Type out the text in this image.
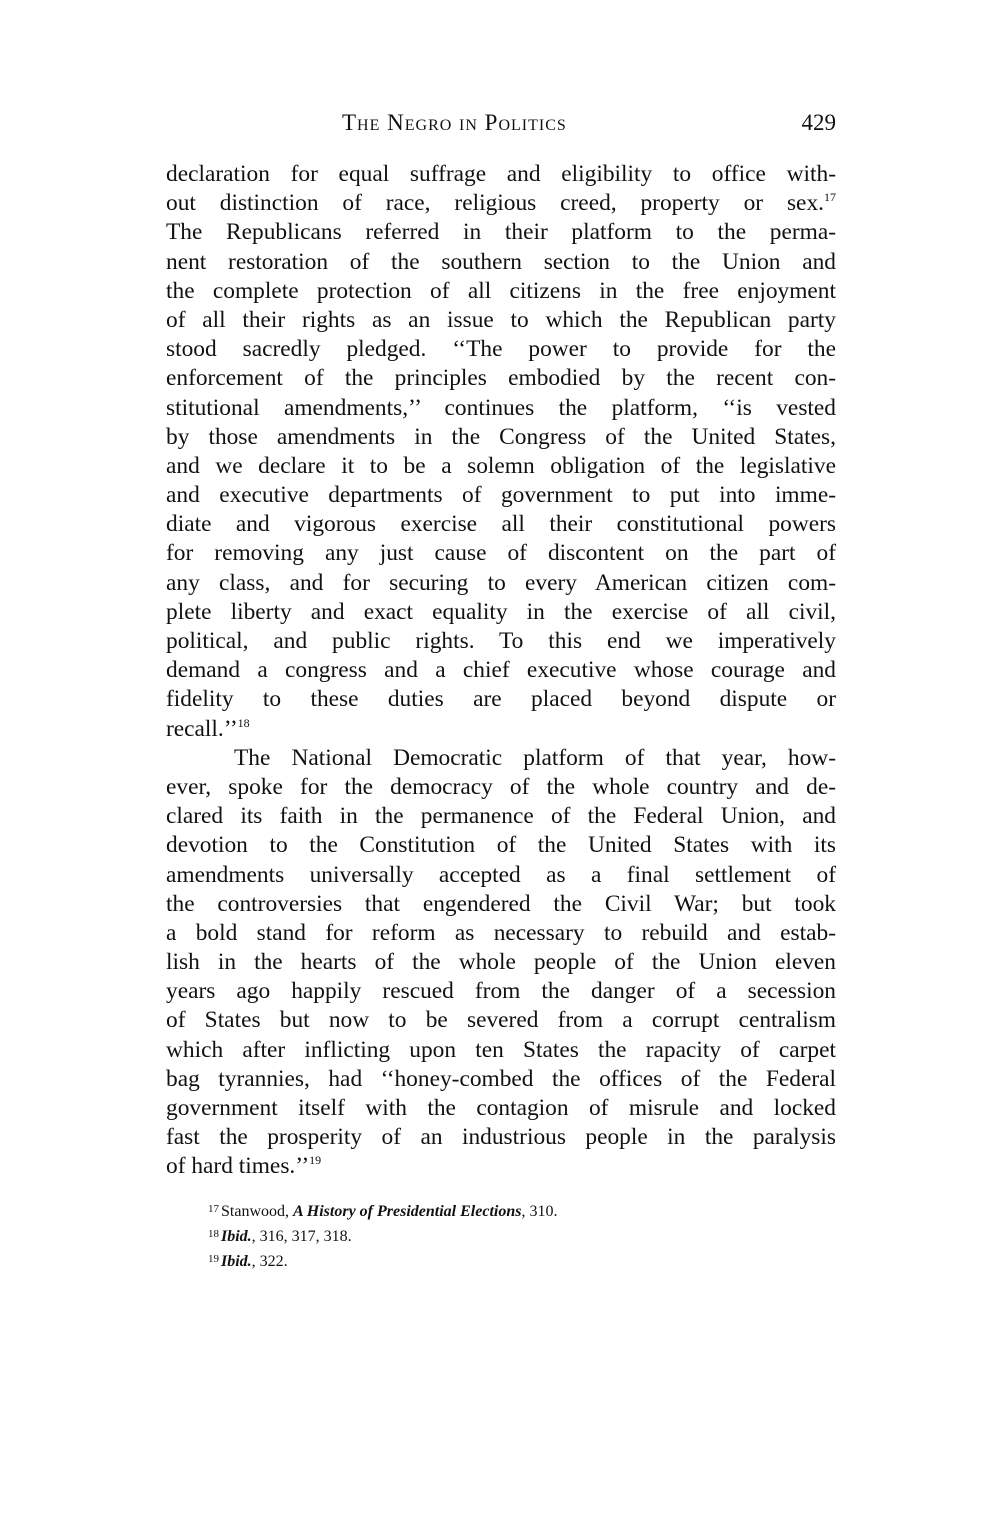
The Negro in Politics	429
declaration for equal suffrage and eligibility to office with-
out distinction of race, religious creed, property or sex.$^{17}$
The Republicans referred in their platform to the perma-
nent restoration of the southern section to the Union and
the complete protection of all citizens in the free enjoyment
of all their rights as an issue to which the Republican party
stood sacredly pledged. ‘‘The power to provide for the
enforcement of the principles embodied by the recent con-
stitutional amendments,’’ continues the platform, ‘‘is vested
by those amendments in the Congress of the United States,
and we declare it to be a solemn obligation of the legislative
and executive departments of government to put into imme-
diate and vigorous exercise all their constitutional powers
for removing any just cause of discontent on the part of
any class, and for securing to every American citizen com-
plete liberty and exact equality in the exercise of all civil,
political, and public rights. To this end we imperatively
demand a congress and a chief executive whose courage and
fidelity to these duties are placed beyond dispute or
recall.’’$^{18}$
The National Democratic platform of that year, how-
ever, spoke for the democracy of the whole country and de-
clared its faith in the permanence of the Federal Union, and
devotion to the Constitution of the United States with its
amendments universally accepted as a final settlement of
the controversies that engendered the Civil War; but took
a bold stand for reform as necessary to rebuild and estab-
lish in the hearts of the whole people of the Union eleven
years ago happily rescued from the danger of a secession
of States but now to be severed from a corrupt centralism
which after inflicting upon ten States the rapacity of carpet
bag tyrannies, had ‘‘honey-combed the offices of the Federal
government itself with the contagion of misrule and locked
fast the prosperity of an industrious people in the paralysis
of hard times.’’$^{19}$
$^{17}$ Stanwood, A History of Presidential Elections, 310.
$^{18}$ Ibid., 316, 317, 318.
$^{19}$ Ibid., 322.
